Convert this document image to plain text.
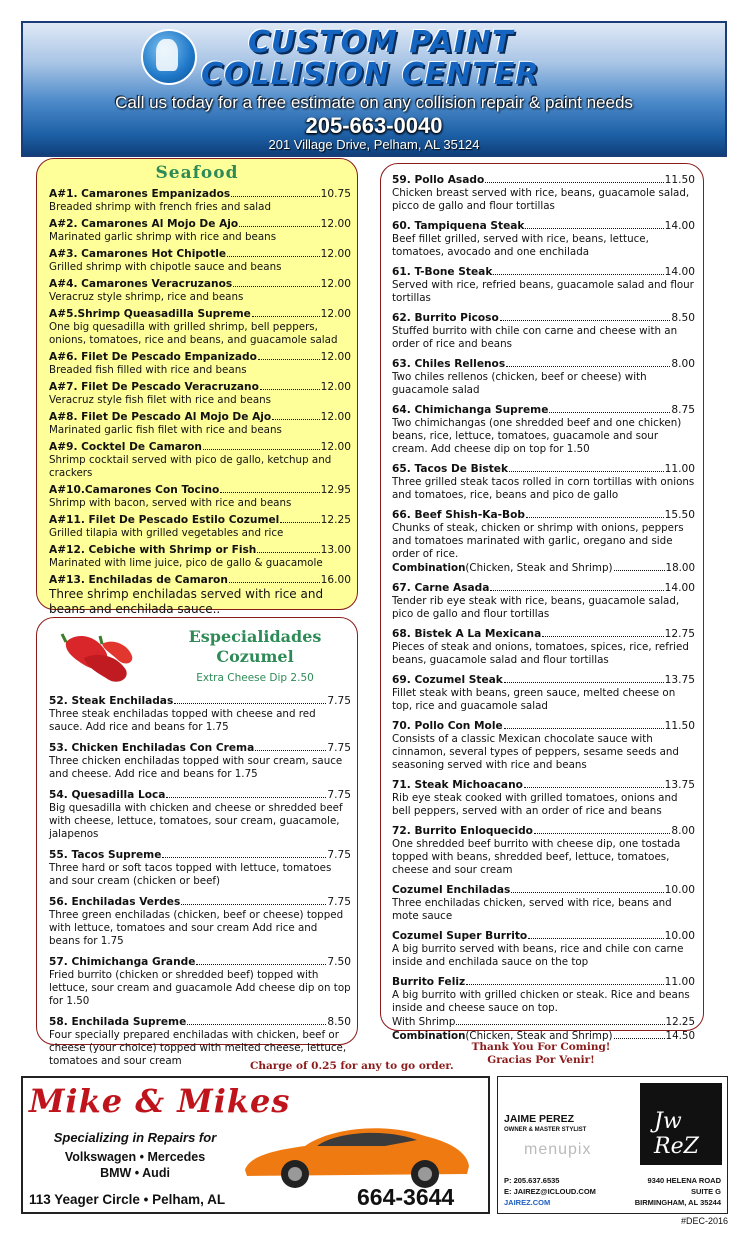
CUSTOM PAINT
COLLISION CENTER
Call us today for a free estimate on any collision repair & paint needs
205-663-0040
201 Village Drive, Pelham, AL 35124
Seafood
A#1. Camarones Empanizados	10.75
Breaded shrimp with french fries and salad
A#2. Camarones Al Mojo De Ajo	12.00
Marinated garlic shrimp with rice and beans
A#3. Camarones Hot Chipotle	12.00
Grilled shrimp with chipotle sauce and beans
A#4. Camarones Veracruzanos	12.00
Veracruz style shrimp, rice and beans
A#5.Shrimp Queasadilla Supreme	12.00
One big quesadilla with grilled shrimp, bell peppers, onions, tomatoes, rice and beans, and guacamole salad
A#6. Filet De Pescado Empanizado	12.00
Breaded fish filled with rice and beans
A#7. Filet De Pescado Veracruzano	12.00
Veracruz style fish filet with rice and beans
A#8. Filet De Pescado Al Mojo De Ajo	12.00
Marinated garlic fish filet with rice and beans
A#9. Cocktel De Camaron	12.00
Shrimp cocktail served with pico de gallo, ketchup and crackers
A#10.Camarones Con Tocino	12.95
Shrimp with bacon, served with rice and beans
A#11. Filet De Pescado Estilo Cozumel	12.25
Grilled tilapia with grilled vegetables and rice
A#12. Cebiche with Shrimp or Fish	13.00
Marinated with lime juice, pico de gallo & guacamole
A#13. Enchiladas de Camaron	16.00
Three shrimp enchiladas served with rice and beans and enchilada sauce..
Especialidades
Cozumel
Extra Cheese Dip 2.50
52. Steak Enchiladas	7.75
Three steak enchiladas topped with cheese and red sauce. Add rice and beans for 1.75
53. Chicken Enchiladas Con Crema	7.75
Three chicken enchiladas topped with sour cream, sauce and cheese. Add rice and beans for 1.75
54. Quesadilla Loca	7.75
Big quesadilla with chicken and cheese or shredded beef with cheese, lettuce, tomatoes, sour cream, guacamole, jalapenos
55. Tacos Supreme	7.75
Three hard or soft tacos topped with lettuce, tomatoes and sour cream (chicken or beef)
56. Enchiladas Verdes	7.75
Three green enchiladas (chicken, beef or cheese) topped with lettuce, tomatoes and sour cream Add rice and beans for 1.75
57. Chimichanga Grande	7.50
Fried burrito (chicken or shredded beef) topped with lettuce, sour cream and guacamole Add cheese dip on top for 1.50
58. Enchilada Supreme	8.50
Four specially prepared enchiladas with chicken, beef or cheese (your choice) topped with melted cheese, lettuce, tomatoes and sour cream
59. Pollo Asado	11.50
Chicken breast served with rice, beans, guacamole salad, picco de gallo and flour tortillas
60. Tampiquena Steak	14.00
Beef fillet grilled, served with rice, beans, lettuce, tomatoes, avocado and one enchilada
61. T-Bone Steak	14.00
Served with rice, refried beans, guacamole salad and flour tortillas
62. Burrito Picoso	8.50
Stuffed burrito with chile con carne and cheese with an order of rice and beans
63. Chiles Rellenos	8.00
Two chiles rellenos (chicken, beef or cheese) with guacamole salad
64. Chimichanga Supreme	8.75
Two chimichangas (one shredded beef and one chicken) beans, rice, lettuce, tomatoes, guacamole and sour cream. Add cheese dip on top for 1.50
65. Tacos De Bistek	11.00
Three grilled steak tacos rolled in corn tortillas with onions and tomatoes, rice, beans and pico de gallo
66. Beef Shish-Ka-Bob	15.50
Chunks of steak, chicken or shrimp with onions, peppers and tomatoes marinated with garlic, oregano and side order of rice.
Combination (Chicken, Steak and Shrimp)	18.00
67. Carne Asada	14.00
Tender rib eye steak with rice, beans, guacamole salad, pico de gallo and flour tortillas
68. Bistek A La Mexicana	12.75
Pieces of steak and onions, tomatoes, spices, rice, refried beans, guacamole salad and flour tortillas
69. Cozumel Steak	13.75
Fillet steak with beans, green sauce, melted cheese on top, rice and guacamole salad
70. Pollo Con Mole	11.50
Consists of a classic Mexican chocolate sauce with cinnamon, several types of peppers, sesame seeds and seasoning served with rice and beans
71. Steak Michoacano	13.75
Rib eye steak cooked with grilled tomatoes, onions and bell peppers, served with an order of rice and beans
72. Burrito Enloquecido	8.00
One shredded beef burrito with cheese dip, one tostada topped with beans, shredded beef, lettuce, tomatoes, cheese and sour cream
Cozumel Enchiladas	10.00
Three enchiladas chicken, served with rice, beans and mote sauce
Cozumel Super Burrito	10.00
A big burrito served with beans, rice and chile con carne inside and enchilada sauce on the top
Burrito Feliz	11.00
A big burrito with grilled chicken or steak. Rice and beans inside and cheese sauce on top.
With Shrimp	12.25
Combination (Chicken, Steak and Shrimp)	14.50
Thank You For Coming!
Gracias Por Venir!
Charge of 0.25 for any to go order.
Mike & Mikes
Specializing in Repairs for
Volkswagen • Mercedes
BMW • Audi
113 Yeager Circle • Pelham, AL	664-3644
JAIME PEREZ
OWNER & MASTER STYLIST	Jw ReZ
menupix
P: 205.637.6535
E: JAIREZ@ICLOUD.COM
JAIREZ.COM
9340 HELENA ROAD
SUITE G
BIRMINGHAM, AL 35244
#DEC-2016
